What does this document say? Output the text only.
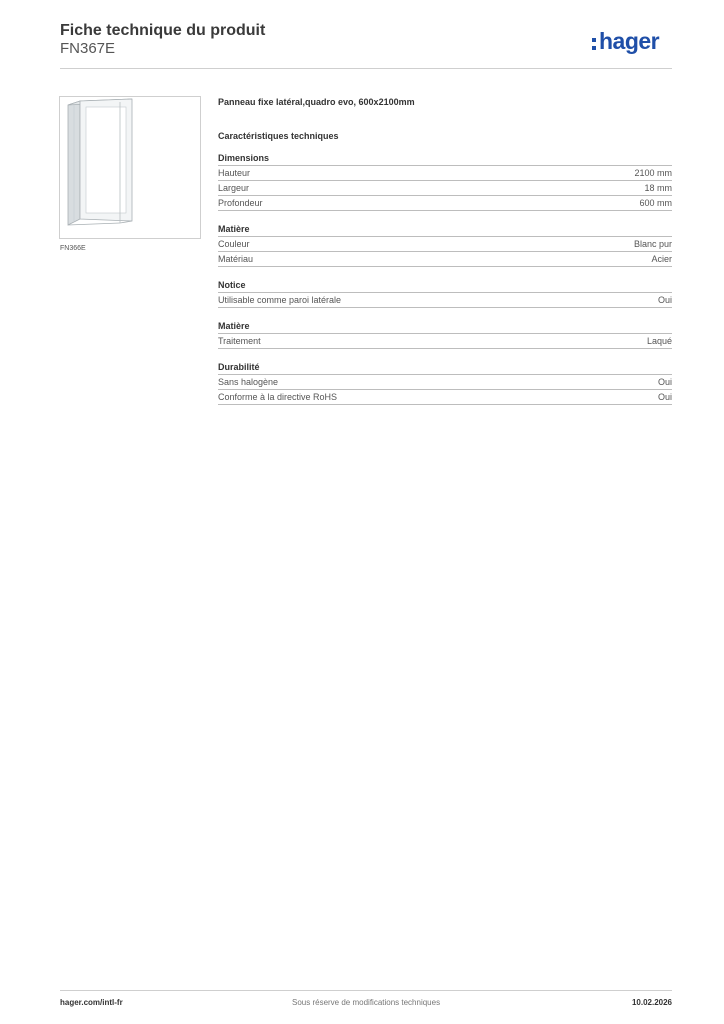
Fiche technique du produit
FN367E	hager
FN366E
Panneau fixe latéral,quadro evo, 600x2100mm
Caractéristiques techniques
Dimensions
Hauteur	2100 mm
Largeur	18 mm
Profondeur	600 mm
Matière
Couleur	Blanc pur
Matériau	Acier
Notice
Utilisable comme paroi latérale	Oui
Matière
Traitement	Laqué
Durabilité
Sans halogène	Oui
Conforme à la directive RoHS	Oui
hager.com/intl-fr	Sous réserve de modifications techniques	10.02.2026
